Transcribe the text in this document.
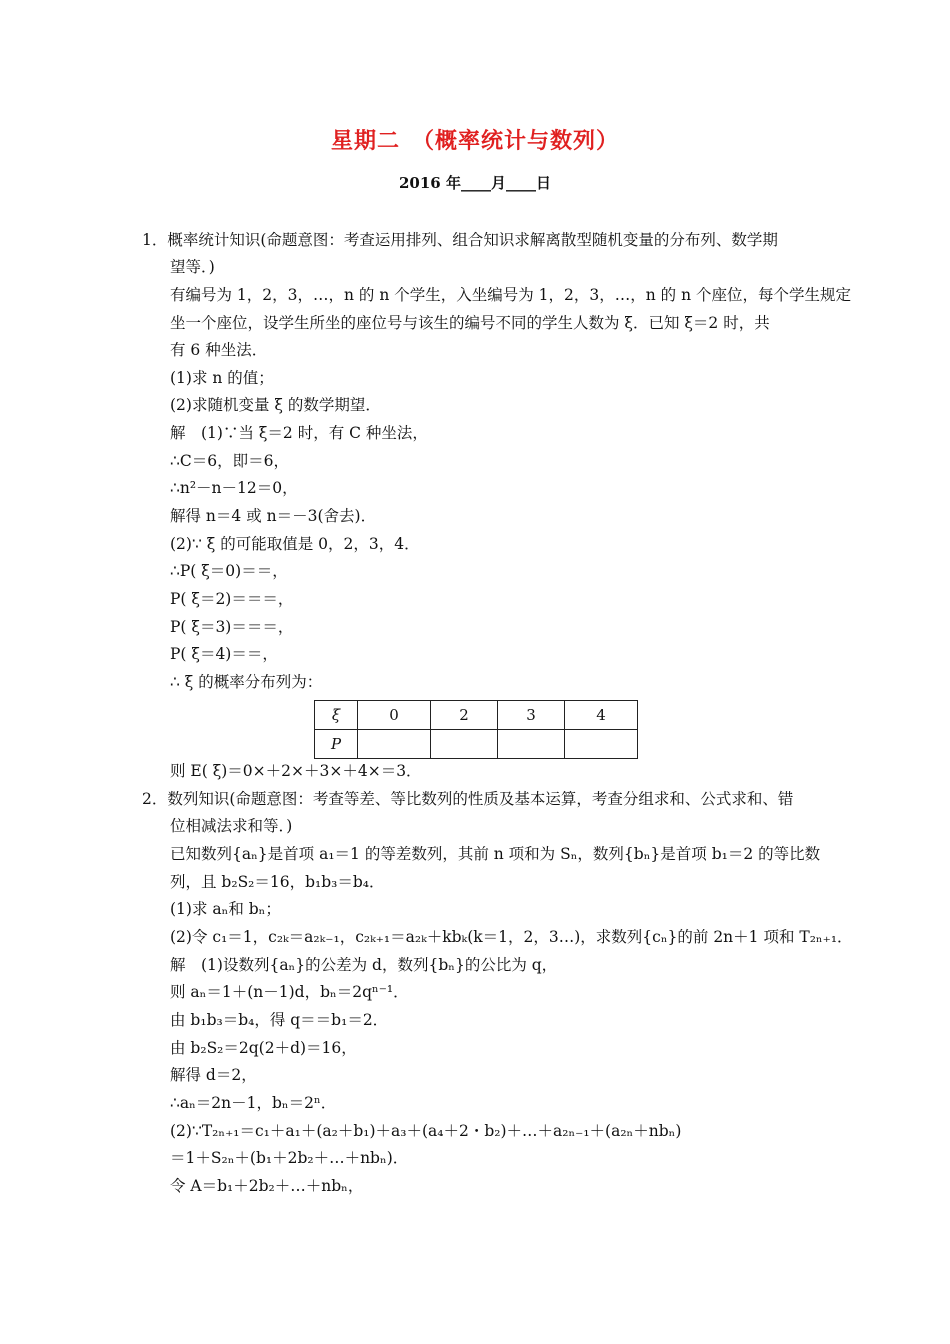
星期二　（概率统计与数列）
2016 年____月____日
1．概率统计知识(命题意图：考查运用排列、组合知识求解离散型随机变量的分布列、数学期
望等．)
有编号为 1，2，3，…，n 的 n 个学生，入坐编号为 1，2，3，…，n 的 n 个座位，每个学生规定
坐一个座位，设学生所坐的座位号与该生的编号不同的学生人数为 ξ．已知 ξ＝2 时，共
有 6 种坐法．
(1)求 n 的值；
(2)求随机变量 ξ 的数学期望．
解　(1)∵当 ξ＝2 时，有 C 种坐法，
∴C＝6，即＝6，
∴n²－n－12＝0，
解得 n＝4 或 n＝－3(舍去)．
(2)∵ ξ 的可能取值是 0，2，3，4．
∴P( ξ＝0)＝＝，
P( ξ＝2)＝＝＝，
P( ξ＝3)＝＝＝，
P( ξ＝4)＝＝，
∴ ξ 的概率分布列为：
ξ	0	2	3	4
P				
则 E( ξ)＝0×＋2×＋3×＋4×＝3．
2．数列知识(命题意图：考查等差、等比数列的性质及基本运算，考查分组求和、公式求和、错
位相减法求和等．)
已知数列{aₙ}是首项 a₁＝1 的等差数列，其前 n 项和为 Sₙ，数列{bₙ}是首项 b₁＝2 的等比数
列，且 b₂S₂＝16，b₁b₃＝b₄．
(1)求 aₙ和 bₙ；
(2)令 c₁＝1，c₂ₖ＝a₂ₖ₋₁，c₂ₖ₊₁＝a₂ₖ＋kbₖ(k＝1，2，3…)，求数列{cₙ}的前 2n＋1 项和 T₂ₙ₊₁．
解　(1)设数列{aₙ}的公差为 d，数列{bₙ}的公比为 q，
则 aₙ＝1＋(n－1)d，bₙ＝2qⁿ⁻¹．
由 b₁b₃＝b₄，得 q＝＝b₁＝2．
由 b₂S₂＝2q(2＋d)＝16，
解得 d＝2，
∴aₙ＝2n－1，bₙ＝2ⁿ．
(2)∵T₂ₙ₊₁＝c₁＋a₁＋(a₂＋b₁)＋a₃＋(a₄＋2・b₂)＋…＋a₂ₙ₋₁＋(a₂ₙ＋nbₙ)
＝1＋S₂ₙ＋(b₁＋2b₂＋…＋nbₙ)．
令 A＝b₁＋2b₂＋…＋nbₙ，
